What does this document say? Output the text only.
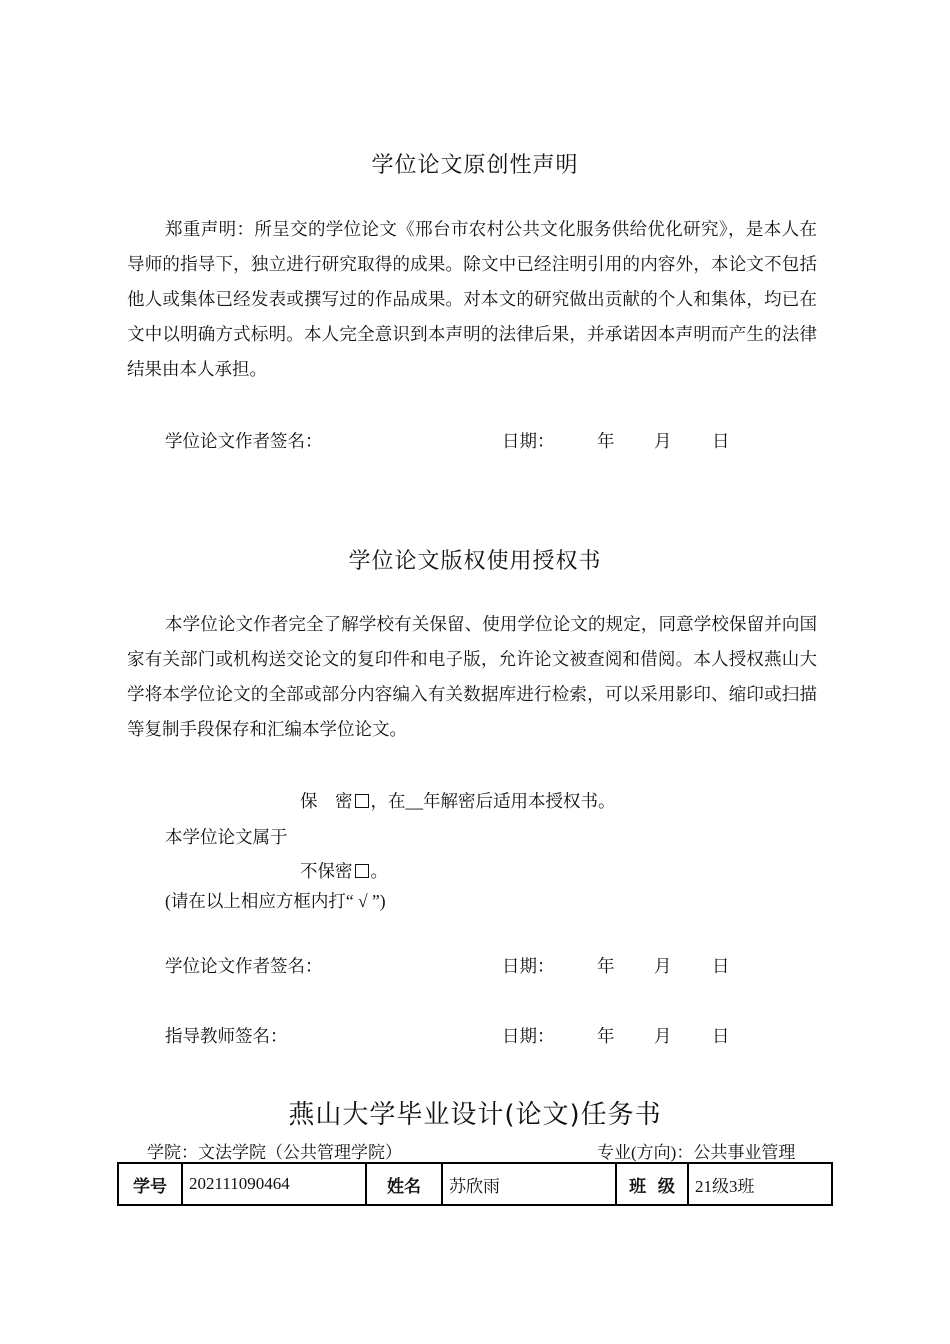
学位论文原创性声明

郑重声明：所呈交的学位论文《邢台市农村公共文化服务供给优化研究》，是本人在导师的指导下，独立进行研究取得的成果。除文中已经注明引用的内容外，本论文不包括他人或集体已经发表或撰写过的作品成果。对本文的研究做出贡献的个人和集体，均已在文中以明确方式标明。本人完全意识到本声明的法律后果，并承诺因本声明而产生的法律结果由本人承担。

学位论文作者签名：	日期： 年 月 日
学位论文版权使用授权书

本学位论文作者完全了解学校有关保留、使用学位论文的规定，同意学校保留并向国家有关部门或机构送交论文的复印件和电子版，允许论文被查阅和借阅。本人授权燕山大学将本学位论文的全部或部分内容编入有关数据库进行检索，可以采用影印、缩印或扫描等复制手段保存和汇编本学位论文。

保　密 ，在__年解密后适用本授权书。
本学位论文属于
不保密 。
(请在以上相应方框内打“ √ ”)
学位论文作者签名：	日期： 年 月 日
指导教师签名：	日期： 年 月 日
燕山大学毕业设计(论文)任务书
学院：文法学院（公共管理学院）	专业(方向)：公共事业管理
学号	202111090464	姓名	苏欣雨	班  级	21级3班
